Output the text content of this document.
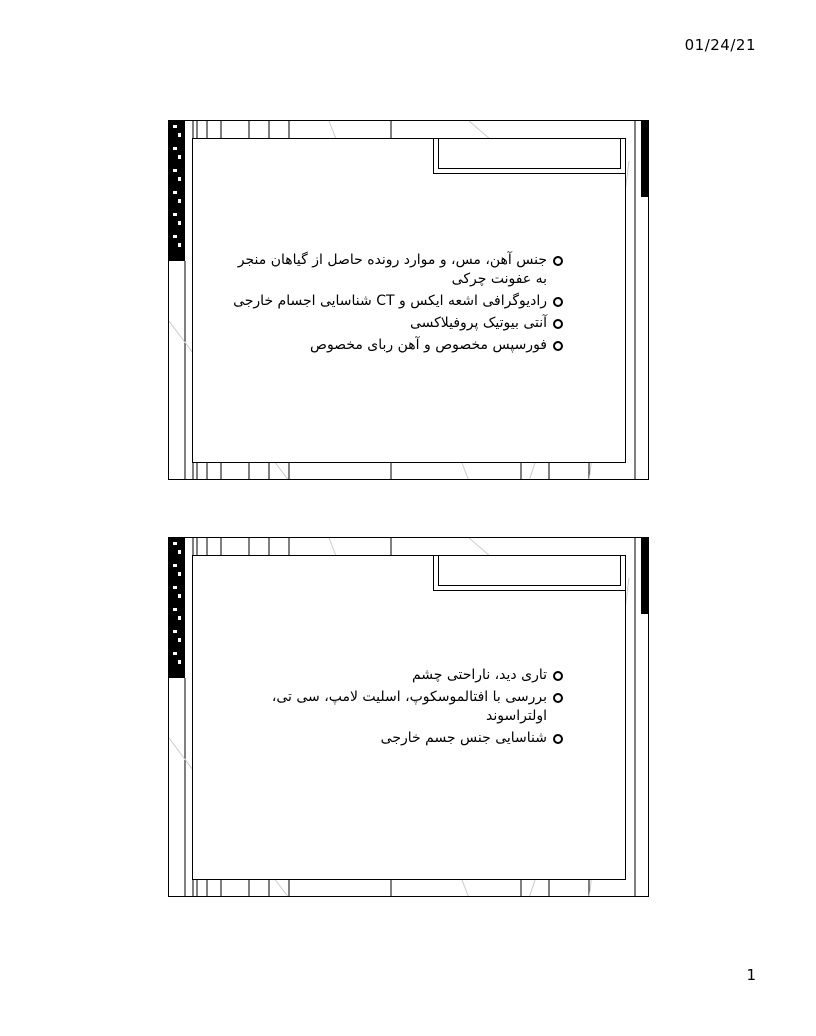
01/24/21
جنس آهن، مس، و موارد رونده حاصل از گیاهان منجر به عفونت چرکی
رادیوگرافی اشعه ایکس و CT شناسایی اجسام خارجی
آنتی بیوتیک پروفیلاکسی
فورسپس مخصوص و آهن ربای مخصوص
تاری دید، ناراحتی چشم
بررسی با افتالموسکوپ، اسلیت لامپ، سی تی، اولتراسوند
شناسایی جنس جسم خارجی
1
